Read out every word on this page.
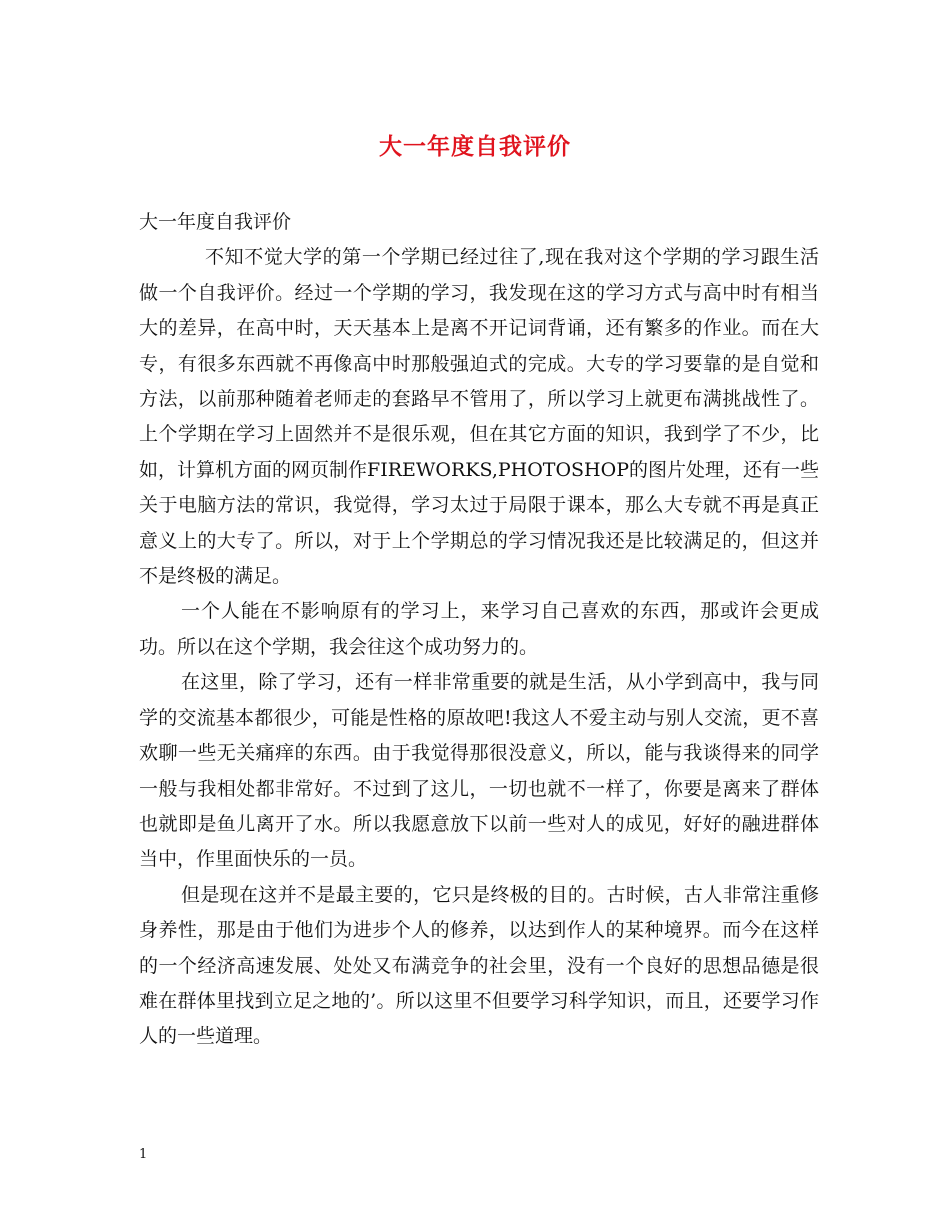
大一年度自我评价

大一年度自我评价

不知不觉大学的第一个学期已经过往了,现在我对这个学期的学习跟生活做一个自我评价。经过一个学期的学习，我发现在这的学习方式与高中时有相当大的差异，在高中时，天天基本上是离不开记词背诵，还有繁多的作业。而在大专，有很多东西就不再像高中时那般强迫式的完成。大专的学习要靠的是自觉和方法，以前那种随着老师走的套路早不管用了，所以学习上就更布满挑战性了。上个学期在学习上固然并不是很乐观，但在其它方面的知识，我到学了不少，比如，计算机方面的网页制作FIREWORKS,PHOTOSHOP的图片处理，还有一些关于电脑方法的常识，我觉得，学习太过于局限于课本，那么大专就不再是真正意义上的大专了。所以，对于上个学期总的学习情况我还是比较满足的，但这并不是终极的满足。

一个人能在不影响原有的学习上，来学习自己喜欢的东西，那或许会更成功。所以在这个学期，我会往这个成功努力的。

在这里，除了学习，还有一样非常重要的就是生活，从小学到高中，我与同学的交流基本都很少，可能是性格的原故吧!我这人不爱主动与别人交流，更不喜欢聊一些无关痛痒的东西。由于我觉得那很没意义，所以，能与我谈得来的同学一般与我相处都非常好。不过到了这儿，一切也就不一样了，你要是离来了群体也就即是鱼儿离开了水。所以我愿意放下以前一些对人的成见，好好的融进群体当中，作里面快乐的一员。

但是现在这并不是最主要的，它只是终极的目的。古时候，古人非常注重修身养性，那是由于他们为进步个人的修养，以达到作人的某种境界。而今在这样的一个经济高速发展、处处又布满竞争的社会里，没有一个良好的思想品德是很难在群体里找到立足之地的’。所以这里不但要学习科学知识，而且，还要学习作人的一些道理。

1
